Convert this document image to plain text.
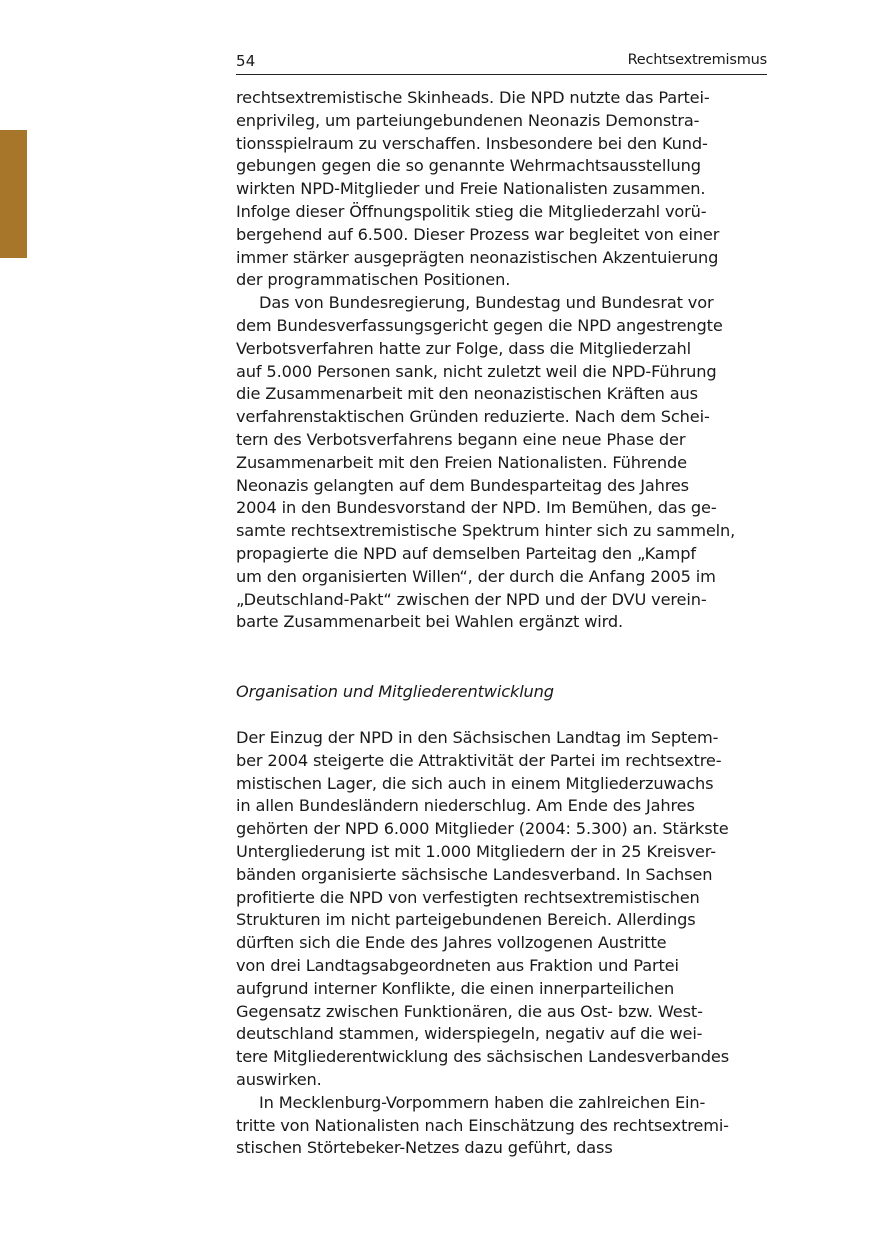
54	Rechtsextremismus
rechtsextremistische Skinheads. Die NPD nutzte das Partei-
enprivileg, um parteiungebundenen Neonazis Demonstra-
tionsspielraum zu verschaffen. Insbesondere bei den Kund-
gebungen gegen die so genannte Wehrmachtsausstellung
wirkten NPD-Mitglieder und Freie Nationalisten zusammen.
Infolge dieser Öffnungspolitik stieg die Mitgliederzahl vorü-
bergehend auf 6.500. Dieser Prozess war begleitet von einer
immer stärker ausgeprägten neonazistischen Akzentuierung
der programmatischen Positionen.
Das von Bundesregierung, Bundestag und Bundesrat vor
dem Bundesverfassungsgericht gegen die NPD angestrengte
Verbotsverfahren hatte zur Folge, dass die Mitgliederzahl
auf 5.000 Personen sank, nicht zuletzt weil die NPD-Führung
die Zusammenarbeit mit den neonazistischen Kräften aus
verfahrenstaktischen Gründen reduzierte. Nach dem Schei-
tern des Verbotsverfahrens begann eine neue Phase der
Zusammenarbeit mit den Freien Nationalisten. Führende
Neonazis gelangten auf dem Bundesparteitag des Jahres
2004 in den Bundesvorstand der NPD. Im Bemühen, das ge-
samte rechtsextremistische Spektrum hinter sich zu sammeln,
propagierte die NPD auf demselben Parteitag den „Kampf
um den organisierten Willen“, der durch die Anfang 2005 im
„Deutschland-Pakt“ zwischen der NPD und der DVU verein-
barte Zusammenarbeit bei Wahlen ergänzt wird.
Organisation und Mitgliederentwicklung
Der Einzug der NPD in den Sächsischen Landtag im Septem-
ber 2004 steigerte die Attraktivität der Partei im rechtsextre-
mistischen Lager, die sich auch in einem Mitgliederzuwachs
in allen Bundesländern niederschlug. Am Ende des Jahres
gehörten der NPD 6.000 Mitglieder (2004: 5.300) an. Stärkste
Untergliederung ist mit 1.000 Mitgliedern der in 25 Kreisver-
bänden organisierte sächsische Landesverband. In Sachsen
profitierte die NPD von verfestigten rechtsextremistischen
Strukturen im nicht parteigebundenen Bereich. Allerdings
dürften sich die Ende des Jahres vollzogenen Austritte
von drei Landtagsabgeordneten aus Fraktion und Partei
aufgrund interner Konflikte, die einen innerparteilichen
Gegensatz zwischen Funktionären, die aus Ost- bzw. West-
deutschland stammen, widerspiegeln, negativ auf die wei-
tere Mitgliederentwicklung des sächsischen Landesverbandes
auswirken.
In Mecklenburg-Vorpommern haben die zahlreichen Ein-
tritte von Nationalisten nach Einschätzung des rechtsextremi-
stischen Störtebeker-Netzes dazu geführt, dass
